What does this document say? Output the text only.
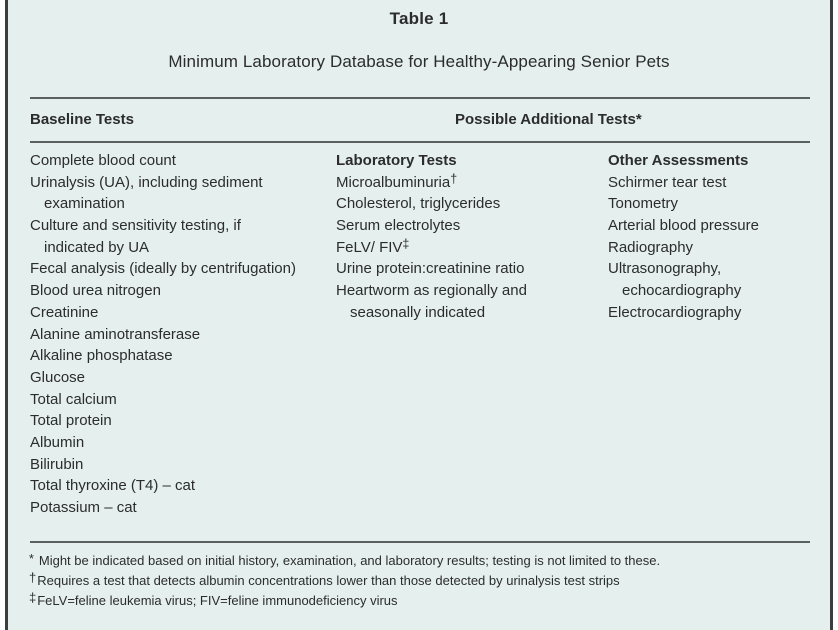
Table 1
Minimum Laboratory Database for Healthy-Appearing Senior Pets
Baseline Tests	Possible Additional Tests*
Complete blood count
Urinalysis (UA), including sediment
examination
Culture and sensitivity testing, if
indicated by UA
Fecal analysis (ideally by centrifugation)
Blood urea nitrogen
Creatinine
Alanine aminotransferase
Alkaline phosphatase
Glucose
Total calcium
Total protein
Albumin
Bilirubin
Total thyroxine (T4) – cat
Potassium – cat
Laboratory Tests
Microalbuminuria†
Cholesterol, triglycerides
Serum electrolytes
FeLV/ FIV‡
Urine protein:creatinine ratio
Heartworm as regionally and
seasonally indicated
Other Assessments
Schirmer tear test
Tonometry
Arterial blood pressure
Radiography
Ultrasonography,
echocardiography
Electrocardiography
* Might be indicated based on initial history, examination, and laboratory results; testing is not limited to these.
†Requires a test that detects albumin concentrations lower than those detected by urinalysis test strips
‡FeLV=feline leukemia virus; FIV=feline immunodeficiency virus
